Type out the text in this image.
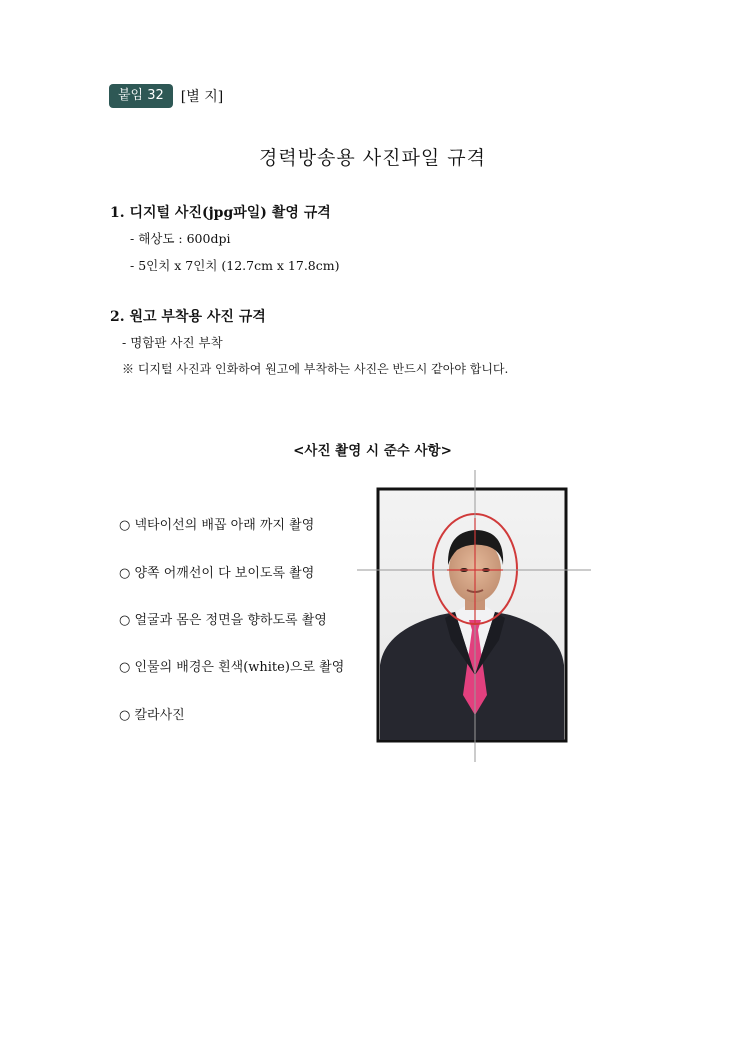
붙임 32	[별 지]
경력방송용 사진파일 규격
1. 디지털 사진(jpg파일) 촬영 규격
- 해상도 : 600dpi
- 5인치 x 7인치 (12.7cm x 17.8cm)
2. 원고 부착용 사진 규격
- 명함판 사진 부착
※ 디지털 사진과 인화하여 원고에 부착하는 사진은 반드시 같아야 합니다.
<사진 촬영 시 준수 사항>
○ 넥타이선의 배꼽 아래 까지 촬영
○ 양쪽 어깨선이 다 보이도록 촬영
○ 얼굴과 몸은 정면을 향하도록 촬영
○ 인물의 배경은 흰색(white)으로 촬영
○ 칼라사진
